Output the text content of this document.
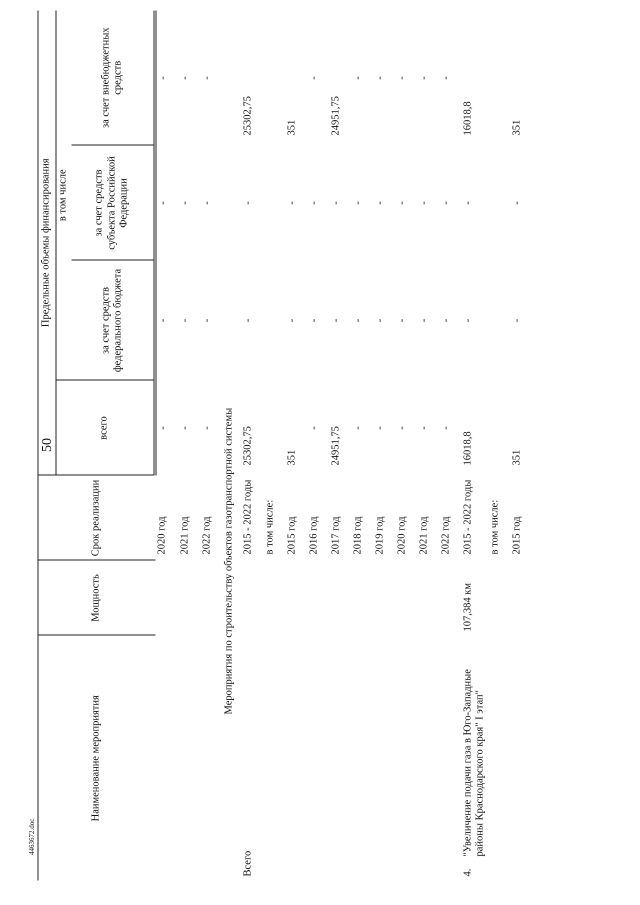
50
4463672.doc
Наименование мероприятия	Мощность	Срок реализации	Предельные объемы финансирования			
			всего	в том числе		
				за счет средств федерального бюджета	за счет средств субъекта Российской Федерации	за счет внебюджетных средств
		2020 год	-	-	-	-
		2021 год	-	-	-	-
		2022 год	-	-	-	-
Мероприятия по строительству объектов газотранспортной системы						
Всего		2015 - 2022 годы	25302,75	-	-	25302,75
		в том числе:				
		2015 год	351	-	-	351
		2016 год	-	-	-	-
		2017 год	24951,75	-	-	24951,75
		2018 год	-	-	-	-
		2019 год	-	-	-	-
		2020 год	-	-	-	-
		2021 год	-	-	-	-
		2022 год	-	-	-	-
4."Увеличение подачи газа в Юго-Западные районы Краснодарского края" I этап"	107,384 км	2015 - 2022 годы	16018,8	-	-	16018,8
		в том числе:				
		2015 год	351	-	-	351
